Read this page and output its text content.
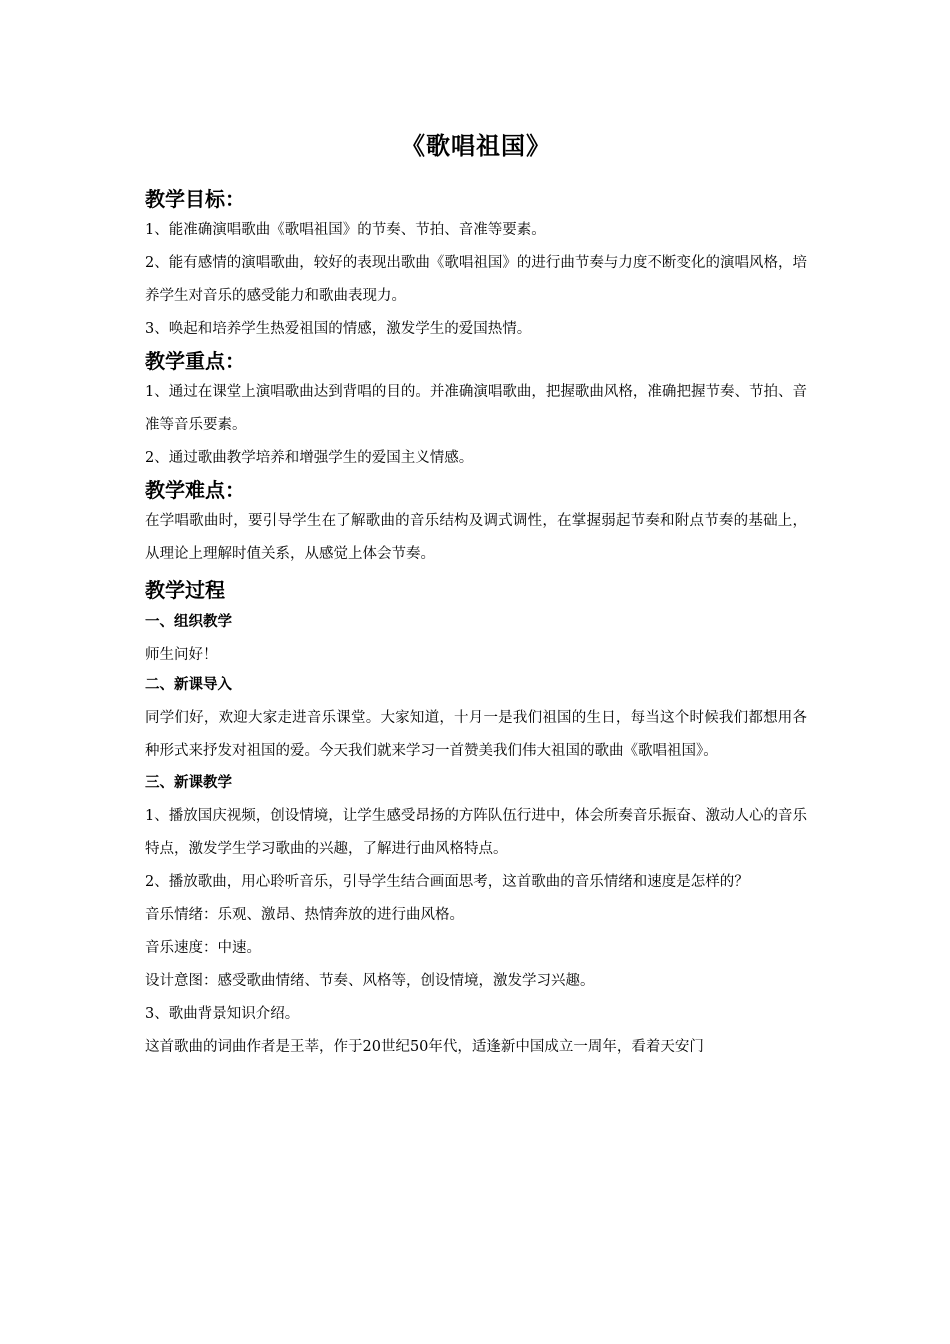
《歌唱祖国》
教学目标：

1、能准确演唱歌曲《歌唱祖国》的节奏、节拍、音准等要素。

2、能有感情的演唱歌曲，较好的表现出歌曲《歌唱祖国》的进行曲节奏与力度不断变化的演唱风格，培养学生对音乐的感受能力和歌曲表现力。

3、唤起和培养学生热爱祖国的情感，激发学生的爱国热情。

教学重点：

1、通过在课堂上演唱歌曲达到背唱的目的。并准确演唱歌曲，把握歌曲风格，准确把握节奏、节拍、音准等音乐要素。

2、通过歌曲教学培养和增强学生的爱国主义情感。

教学难点：

在学唱歌曲时，要引导学生在了解歌曲的音乐结构及调式调性，在掌握弱起节奏和附点节奏的基础上，从理论上理解时值关系，从感觉上体会节奏。

教学过程
一、组织教学

师生问好！

二、新课导入

同学们好，欢迎大家走进音乐课堂。大家知道，十月一是我们祖国的生日，每当这个时候我们都想用各种形式来抒发对祖国的爱。今天我们就来学习一首赞美我们伟大祖国的歌曲《歌唱祖国》。

三、新课教学

1、播放国庆视频，创设情境，让学生感受昂扬的方阵队伍行进中，体会所奏音乐振奋、激动人心的音乐特点，激发学生学习歌曲的兴趣，了解进行曲风格特点。

2、播放歌曲，用心聆听音乐，引导学生结合画面思考，这首歌曲的音乐情绪和速度是怎样的？

音乐情绪：乐观、激昂、热情奔放的进行曲风格。

音乐速度：中速。

设计意图：感受歌曲情绪、节奏、风格等，创设情境，激发学习兴趣。

3、歌曲背景知识介绍。

这首歌曲的词曲作者是王莘，作于20世纪50年代，适逢新中国成立一周年，看着天安门
